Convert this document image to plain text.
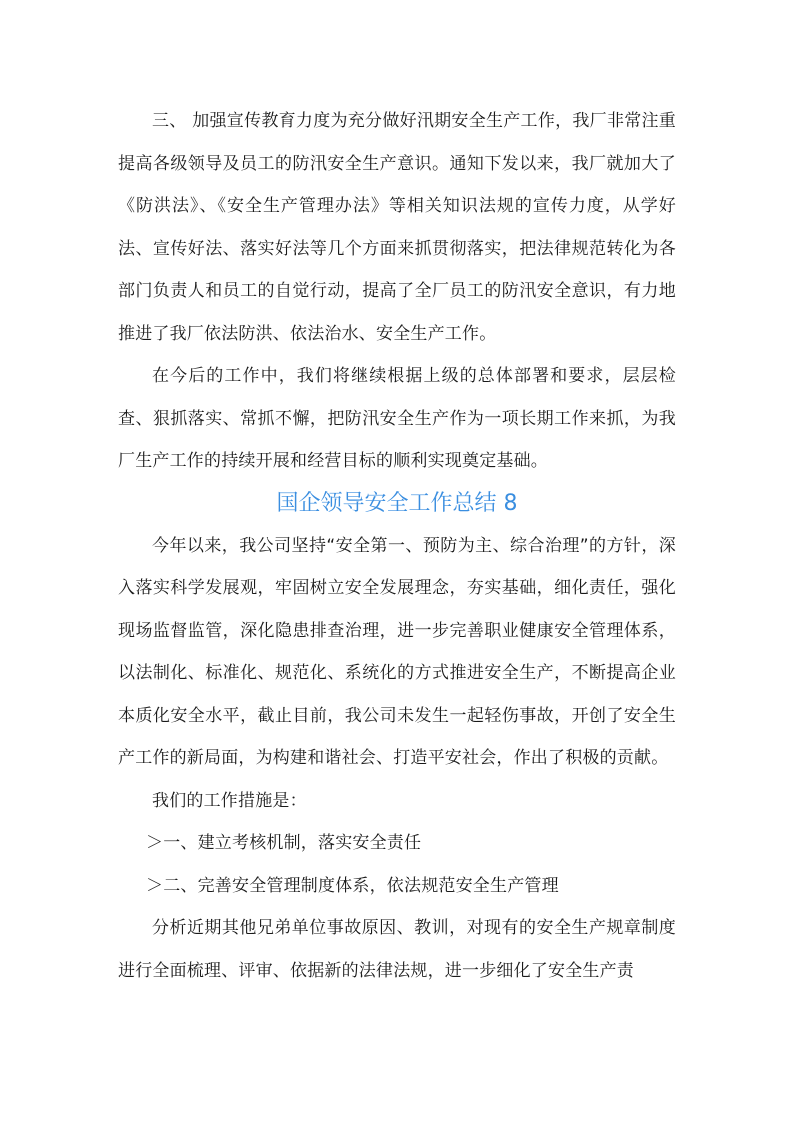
三、 加强宣传教育力度为充分做好汛期安全生产工作，我厂非常注重提高各级领导及员工的防汛安全生产意识。通知下发以来，我厂就加大了《防洪法》、《安全生产管理办法》等相关知识法规的宣传力度，从学好法、宣传好法、落实好法等几个方面来抓贯彻落实，把法律规范转化为各部门负责人和员工的自觉行动，提高了全厂员工的防汛安全意识，有力地推进了我厂依法防洪、依法治水、安全生产工作。

在今后的工作中，我们将继续根据上级的总体部署和要求，层层检查、狠抓落实、常抓不懈，把防汛安全生产作为一项长期工作来抓，为我厂生产工作的持续开展和经营目标的顺利实现奠定基础。

国企领导安全工作总结 8

今年以来，我公司坚持“安全第一、预防为主、综合治理”的方针，深入落实科学发展观，牢固树立安全发展理念，夯实基础，细化责任，强化现场监督监管，深化隐患排查治理，进一步完善职业健康安全管理体系，以法制化、标准化、规范化、系统化的方式推进安全生产，不断提高企业本质化安全水平，截止目前，我公司未发生一起轻伤事故，开创了安全生产工作的新局面，为构建和谐社会、打造平安社会，作出了积极的贡献。

我们的工作措施是：

＞一、建立考核机制，落实安全责任

＞二、完善安全管理制度体系，依法规范安全生产管理

分析近期其他兄弟单位事故原因、教训，对现有的安全生产规章制度进行全面梳理、评审、依据新的法律法规，进一步细化了安全生产责
